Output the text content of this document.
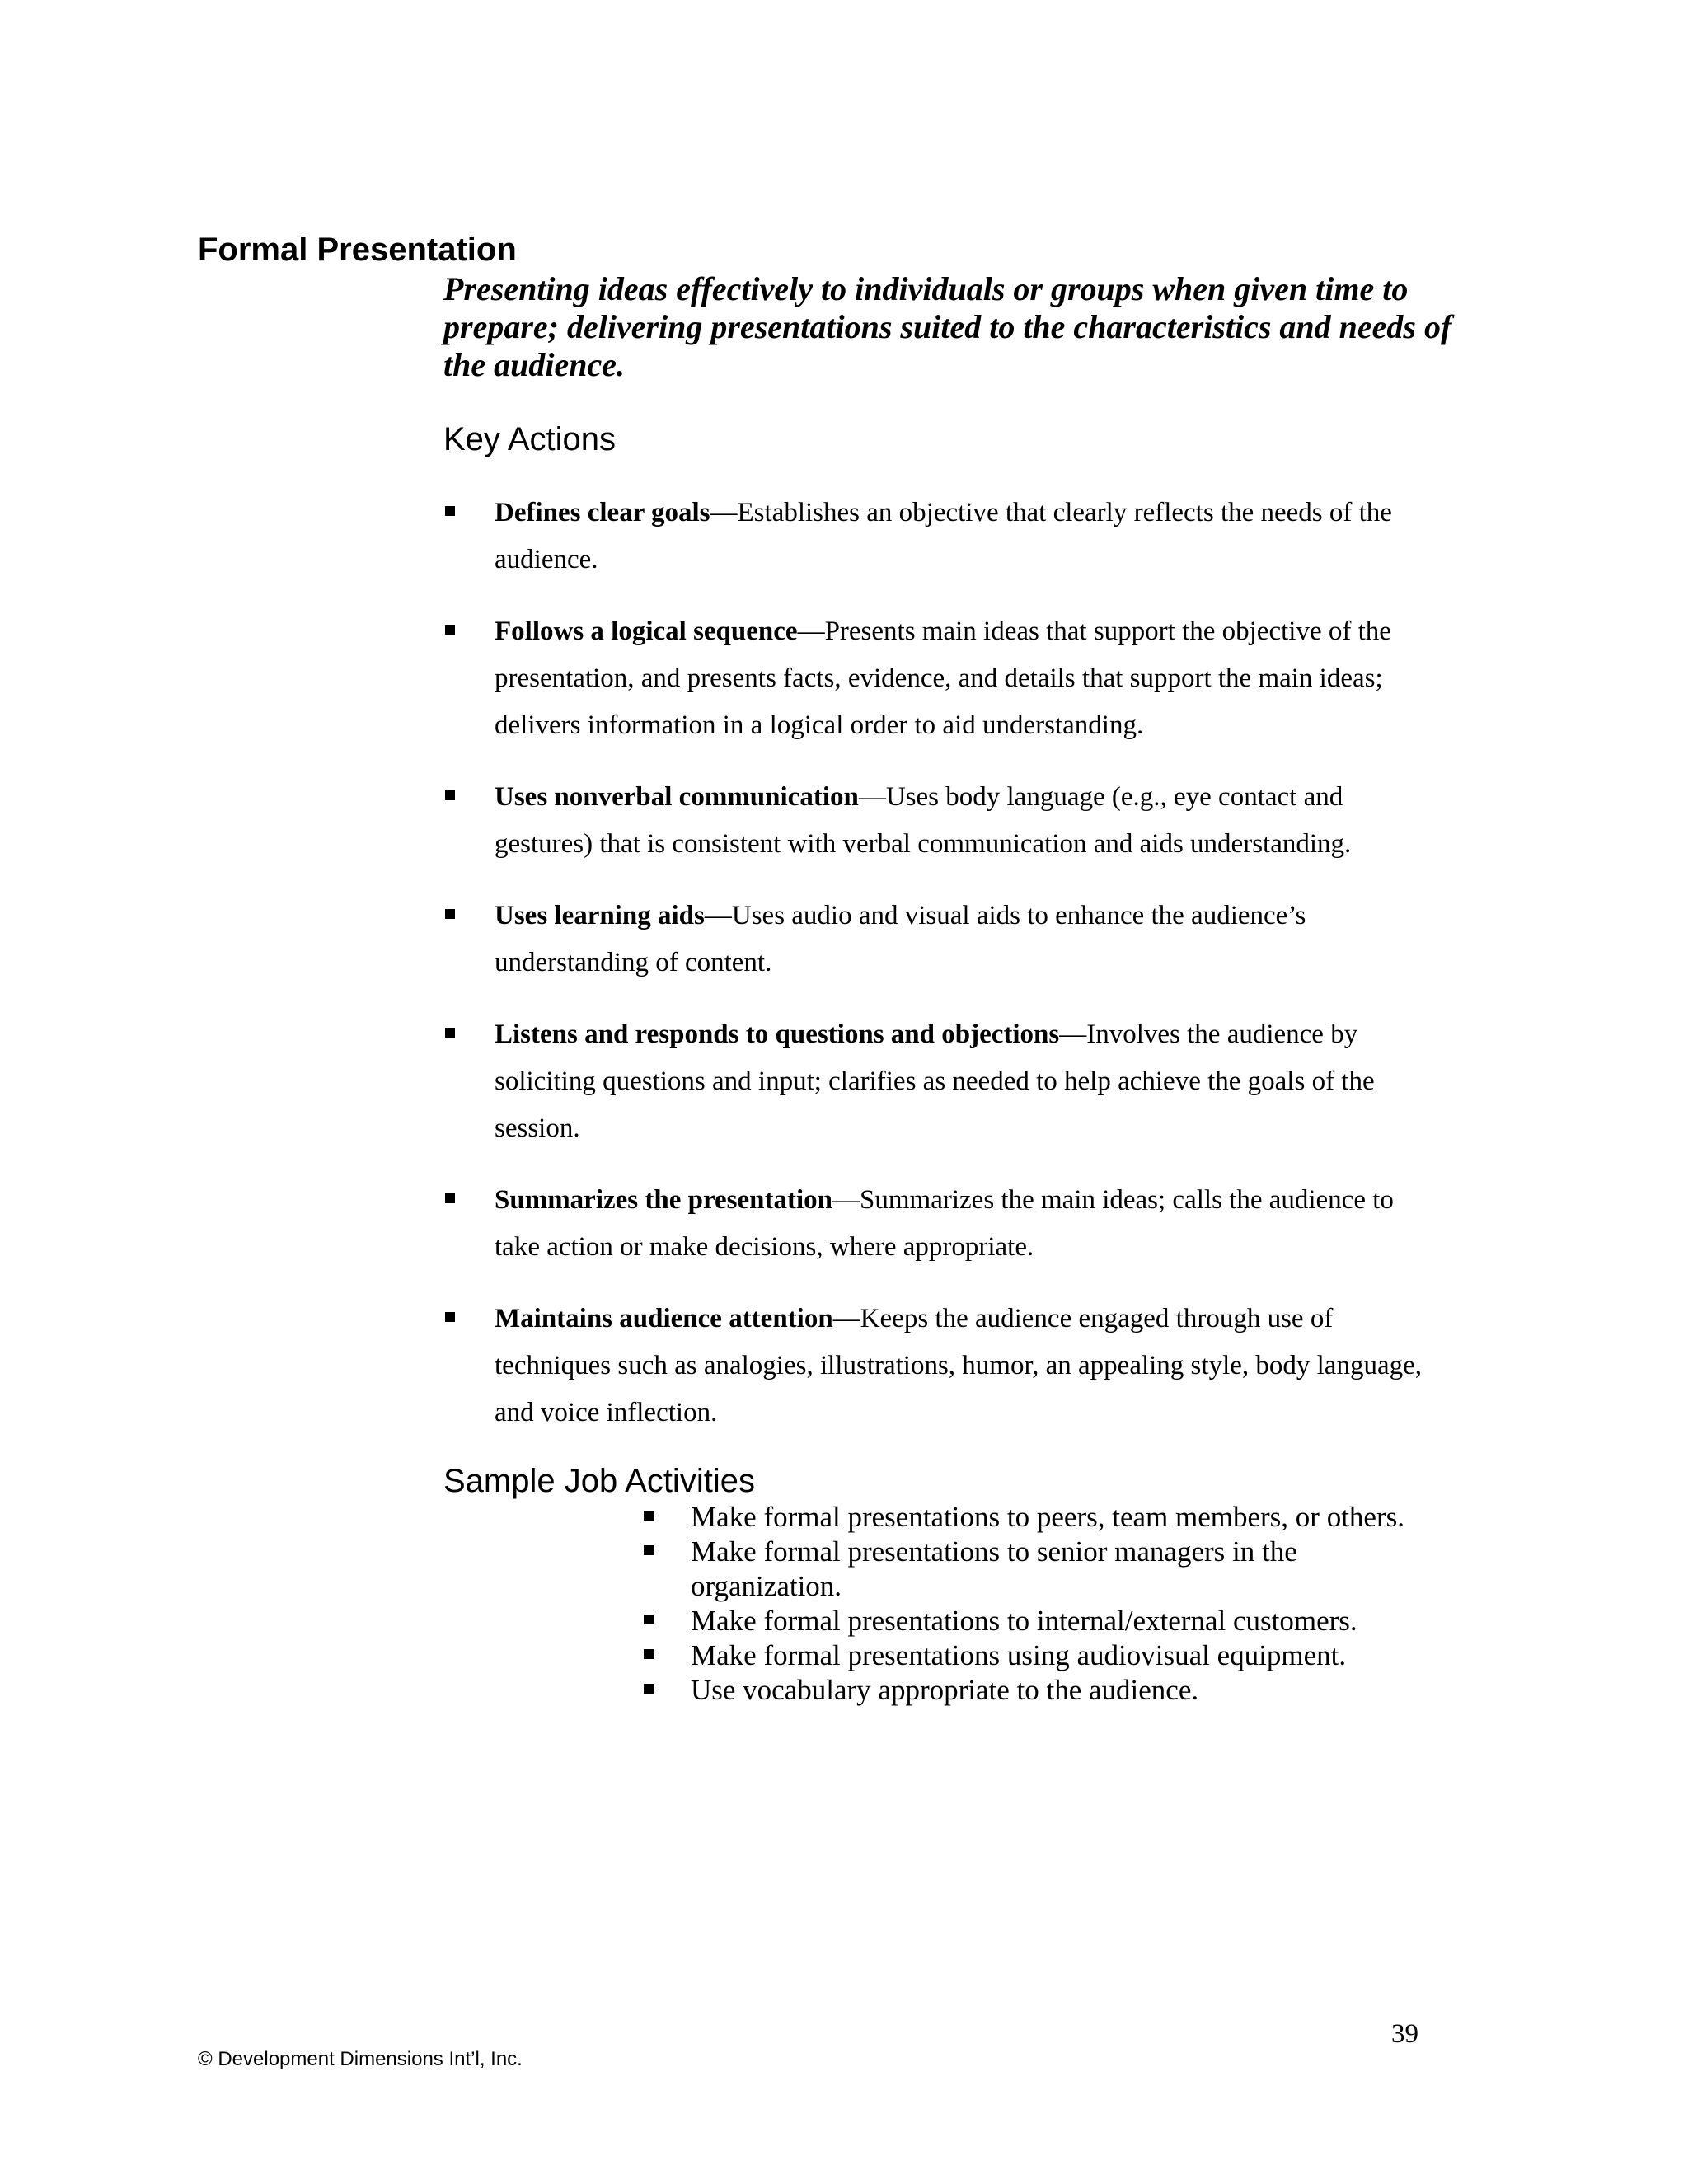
Formal Presentation

Presenting ideas effectively to individuals or groups when given time to prepare; delivering presentations suited to the characteristics and needs of the audience.

Key Actions
Defines clear goals—Establishes an objective that clearly reflects the needs of the audience.
Follows a logical sequence—Presents main ideas that support the objective of the presentation, and presents facts, evidence, and details that support the main ideas; delivers information in a logical order to aid understanding.
Uses nonverbal communication—Uses body language (e.g., eye contact and gestures) that is consistent with verbal communication and aids understanding.
Uses learning aids—Uses audio and visual aids to enhance the audience’s understanding of content.
Listens and responds to questions and objections—Involves the audience by soliciting questions and input; clarifies as needed to help achieve the goals of the session.
Summarizes the presentation—Summarizes the main ideas; calls the audience to take action or make decisions, where appropriate.
Maintains audience attention—Keeps the audience engaged through use of techniques such as analogies, illustrations, humor, an appealing style, body language, and voice inflection.
Sample Job Activities
Make formal presentations to peers, team members, or others.
Make formal presentations to senior managers in the organization.
Make formal presentations to internal/external customers.
Make formal presentations using audiovisual equipment.
Use vocabulary appropriate to the audience.
© Development Dimensions Int’l, Inc.
39
